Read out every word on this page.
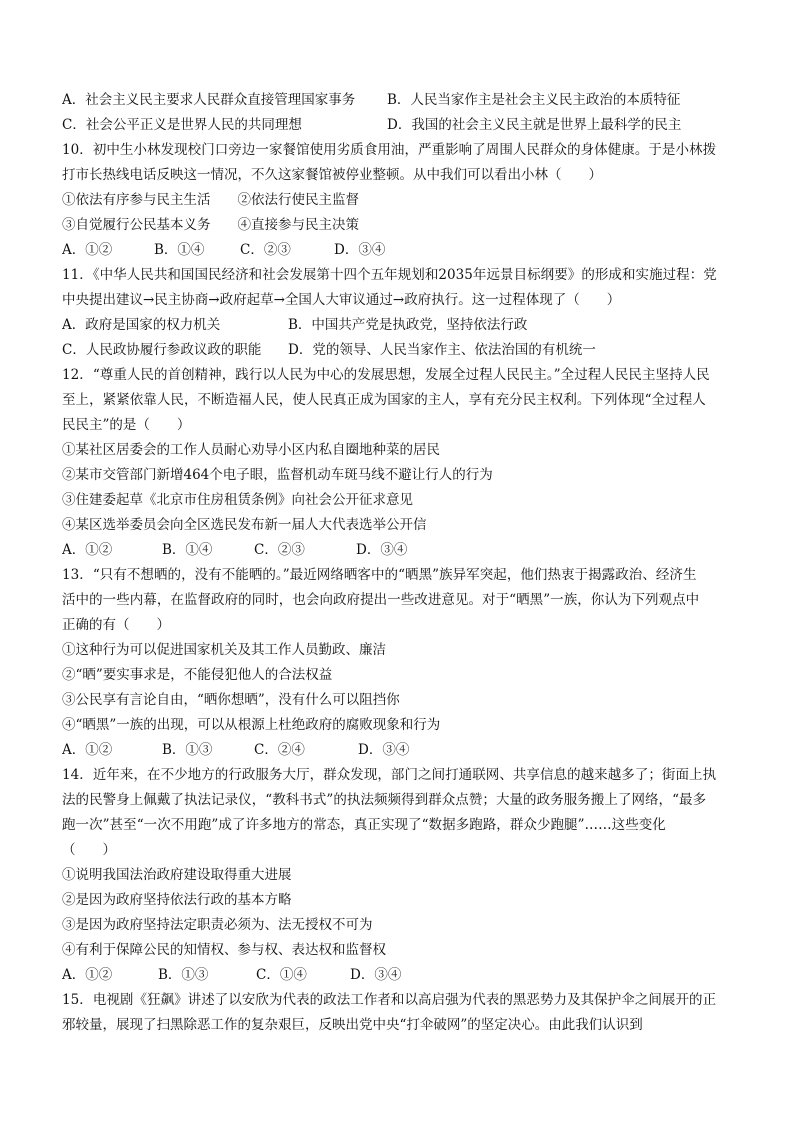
A．社会主义民主要求人民群众直接管理国家事务	B．人民当家作主是社会主义民主政治的本质特征
C．社会公平正义是世界人民的共同理想	D．我国的社会主义民主就是世界上最科学的民主
10．初中生小林发现校门口旁边一家餐馆使用劣质食用油，严重影响了周围人民群众的身体健康。于是小林拨
打市长热线电话反映这一情况，不久这家餐馆被停业整顿。从中我们可以看出小林（　　）
①依法有序参与民主生活　　②依法行使民主监督
③自觉履行公民基本义务　　④直接参与民主决策
A．①②	B．①④	C．②③	D．③④
11．《中华人民共和国国民经济和社会发展第十四个五年规划和2035年远景目标纲要》的形成和实施过程：党
中央提出建议→民主协商→政府起草→全国人大审议通过→政府执行。这一过程体现了（　　）
A．政府是国家的权力机关	B．中国共产党是执政党，坚持依法行政
C．人民政协履行参政议政的职能	D．党的领导、人民当家作主、依法治国的有机统一
12．“尊重人民的首创精神，践行以人民为中心的发展思想，发展全过程人民民主。”全过程人民民主坚持人民
至上，紧紧依靠人民，不断造福人民，使人民真正成为国家的主人，享有充分民主权利。下列体现“全过程人
民民主”的是（　　）
①某社区居委会的工作人员耐心劝导小区内私自圈地种菜的居民
②某市交管部门新增464个电子眼，监督机动车斑马线不避让行人的行为
③住建委起草《北京市住房租赁条例》向社会公开征求意见
④某区选举委员会向全区选民发布新一届人大代表选举公开信
A．①②	B．①④	C．②③	D．③④
13．“只有不想晒的，没有不能晒的。”最近网络晒客中的“晒黑”族异军突起，他们热衷于揭露政治、经济生
活中的一些内幕，在监督政府的同时，也会向政府提出一些改进意见。对于“晒黑”一族，你认为下列观点中
正确的有（　　）
①这种行为可以促进国家机关及其工作人员勤政、廉洁
②“晒”要实事求是，不能侵犯他人的合法权益
③公民享有言论自由，“晒你想晒”，没有什么可以阻挡你
④“晒黑”一族的出现，可以从根源上杜绝政府的腐败现象和行为
A．①②	B．①③	C．②④	D．③④
14．近年来，在不少地方的行政服务大厅，群众发现，部门之间打通联网、共享信息的越来越多了；街面上执
法的民警身上佩戴了执法记录仪，“教科书式”的执法频频得到群众点赞；大量的政务服务搬上了网络，“最多
跑一次”甚至“一次不用跑”成了许多地方的常态，真正实现了“数据多跑路，群众少跑腿”……这些变化
（　　）
①说明我国法治政府建设取得重大进展
②是因为政府坚持依法行政的基本方略
③是因为政府坚持法定职责必须为、法无授权不可为
④有利于保障公民的知情权、参与权、表达权和监督权
A．①②	B．①③	C．①④	D．③④
15．电视剧《狂飙》讲述了以安欣为代表的政法工作者和以高启强为代表的黑恶势力及其保护伞之间展开的正
邪较量，展现了扫黑除恶工作的复杂艰巨，反映出党中央“打伞破网”的坚定决心。由此我们认识到
